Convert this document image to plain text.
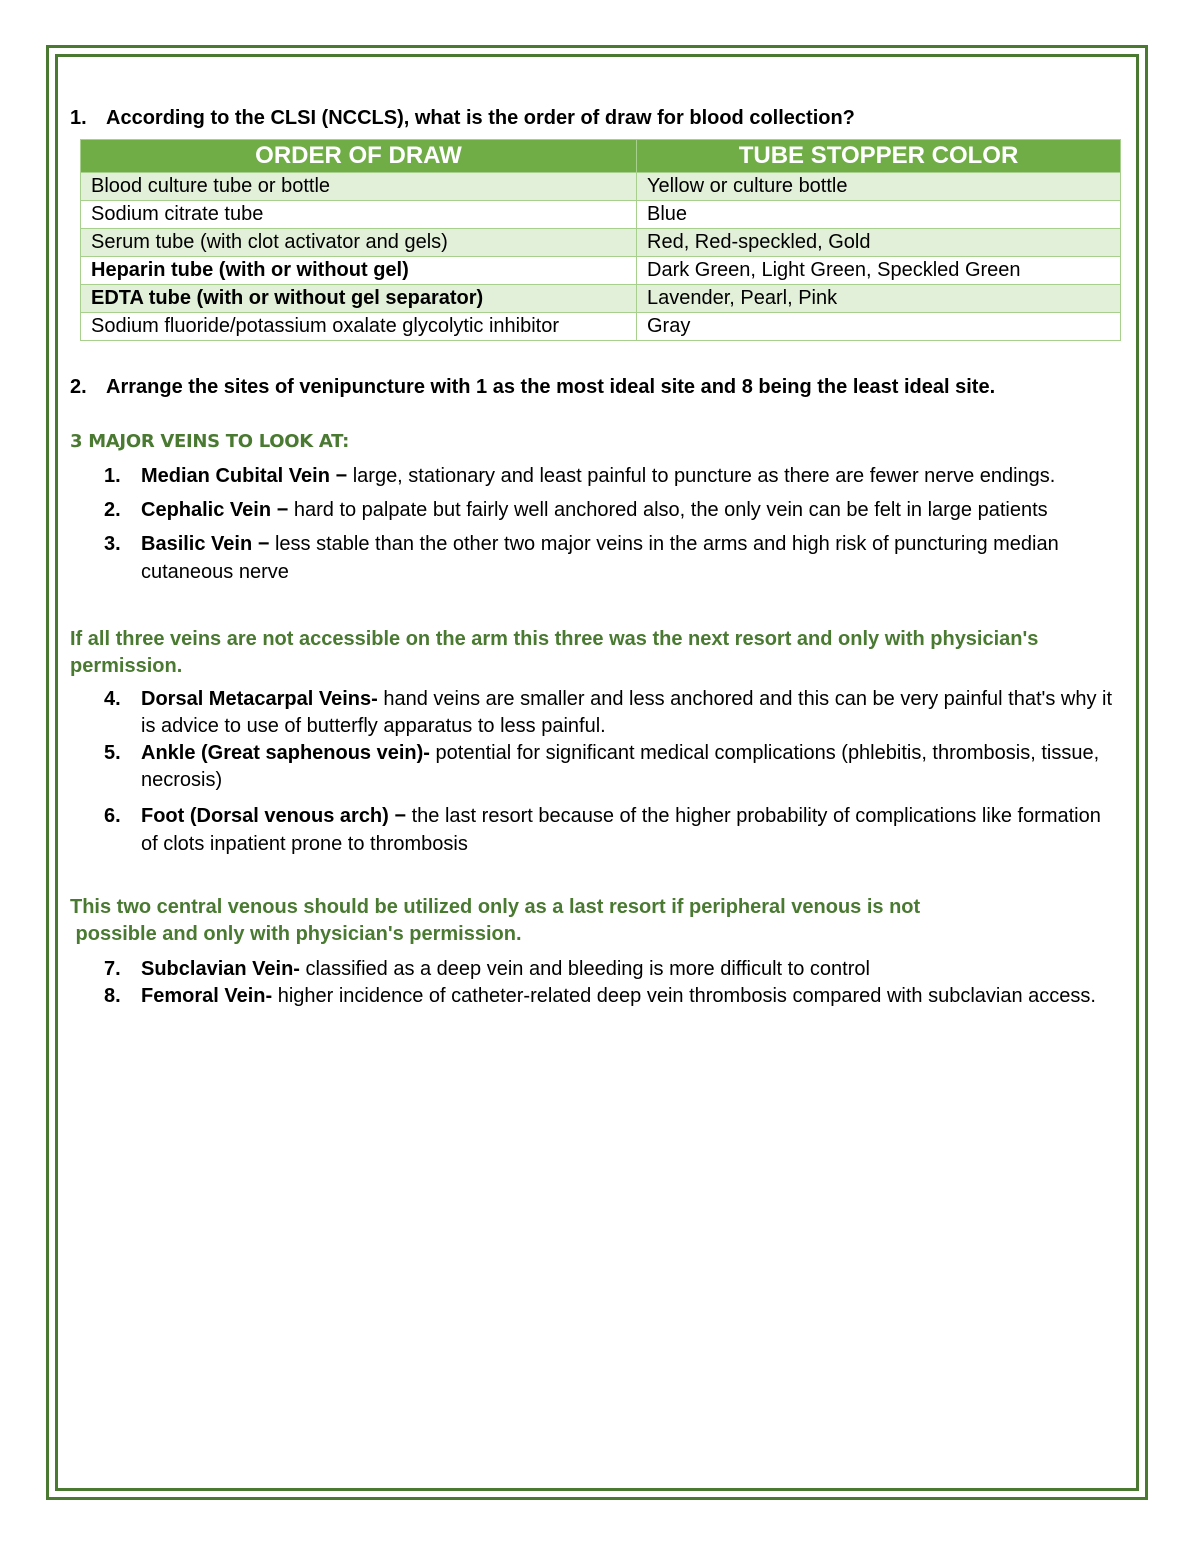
1. According to the CLSI (NCCLS), what is the order of draw for blood collection?
ORDER OF DRAW	TUBE STOPPER COLOR
Blood culture tube or bottle	Yellow or culture bottle
Sodium citrate tube	Blue
Serum tube (with clot activator and gels)	Red, Red-speckled, Gold
Heparin tube (with or without gel)	Dark Green, Light Green, Speckled Green
EDTA tube (with or without gel separator)	Lavender, Pearl, Pink
Sodium fluoride/potassium oxalate glycolytic inhibitor	Gray
2. Arrange the sites of venipuncture with 1 as the most ideal site and 8 being the least ideal site.
3 MAJOR VEINS TO LOOK AT:
1.	Median Cubital Vein − large, stationary and least painful to puncture as there are fewer nerve endings.
2.	Cephalic Vein − hard to palpate but fairly well anchored also, the only vein can be felt in large patients
3.	Basilic Vein − less stable than the other two major veins in the arms and high risk of puncturing median cutaneous nerve
If all three veins are not accessible on the arm this three was the next resort and only with physician's permission.
4.	Dorsal Metacarpal Veins- hand veins are smaller and less anchored and this can be very painful that's why it is advice to use of butterfly apparatus to less painful.
5.	Ankle (Great saphenous vein)- potential for significant medical complications (phlebitis, thrombosis, tissue, necrosis)
6.	Foot (Dorsal venous arch) − the last resort because of the higher probability of complications like formation of clots inpatient prone to thrombosis
This two central venous should be utilized only as a last resort if peripheral venous is not
possible and only with physician's permission.
7.	Subclavian Vein- classified as a deep vein and bleeding is more difficult to control
8.	Femoral Vein- higher incidence of catheter-related deep vein thrombosis compared with subclavian access.
